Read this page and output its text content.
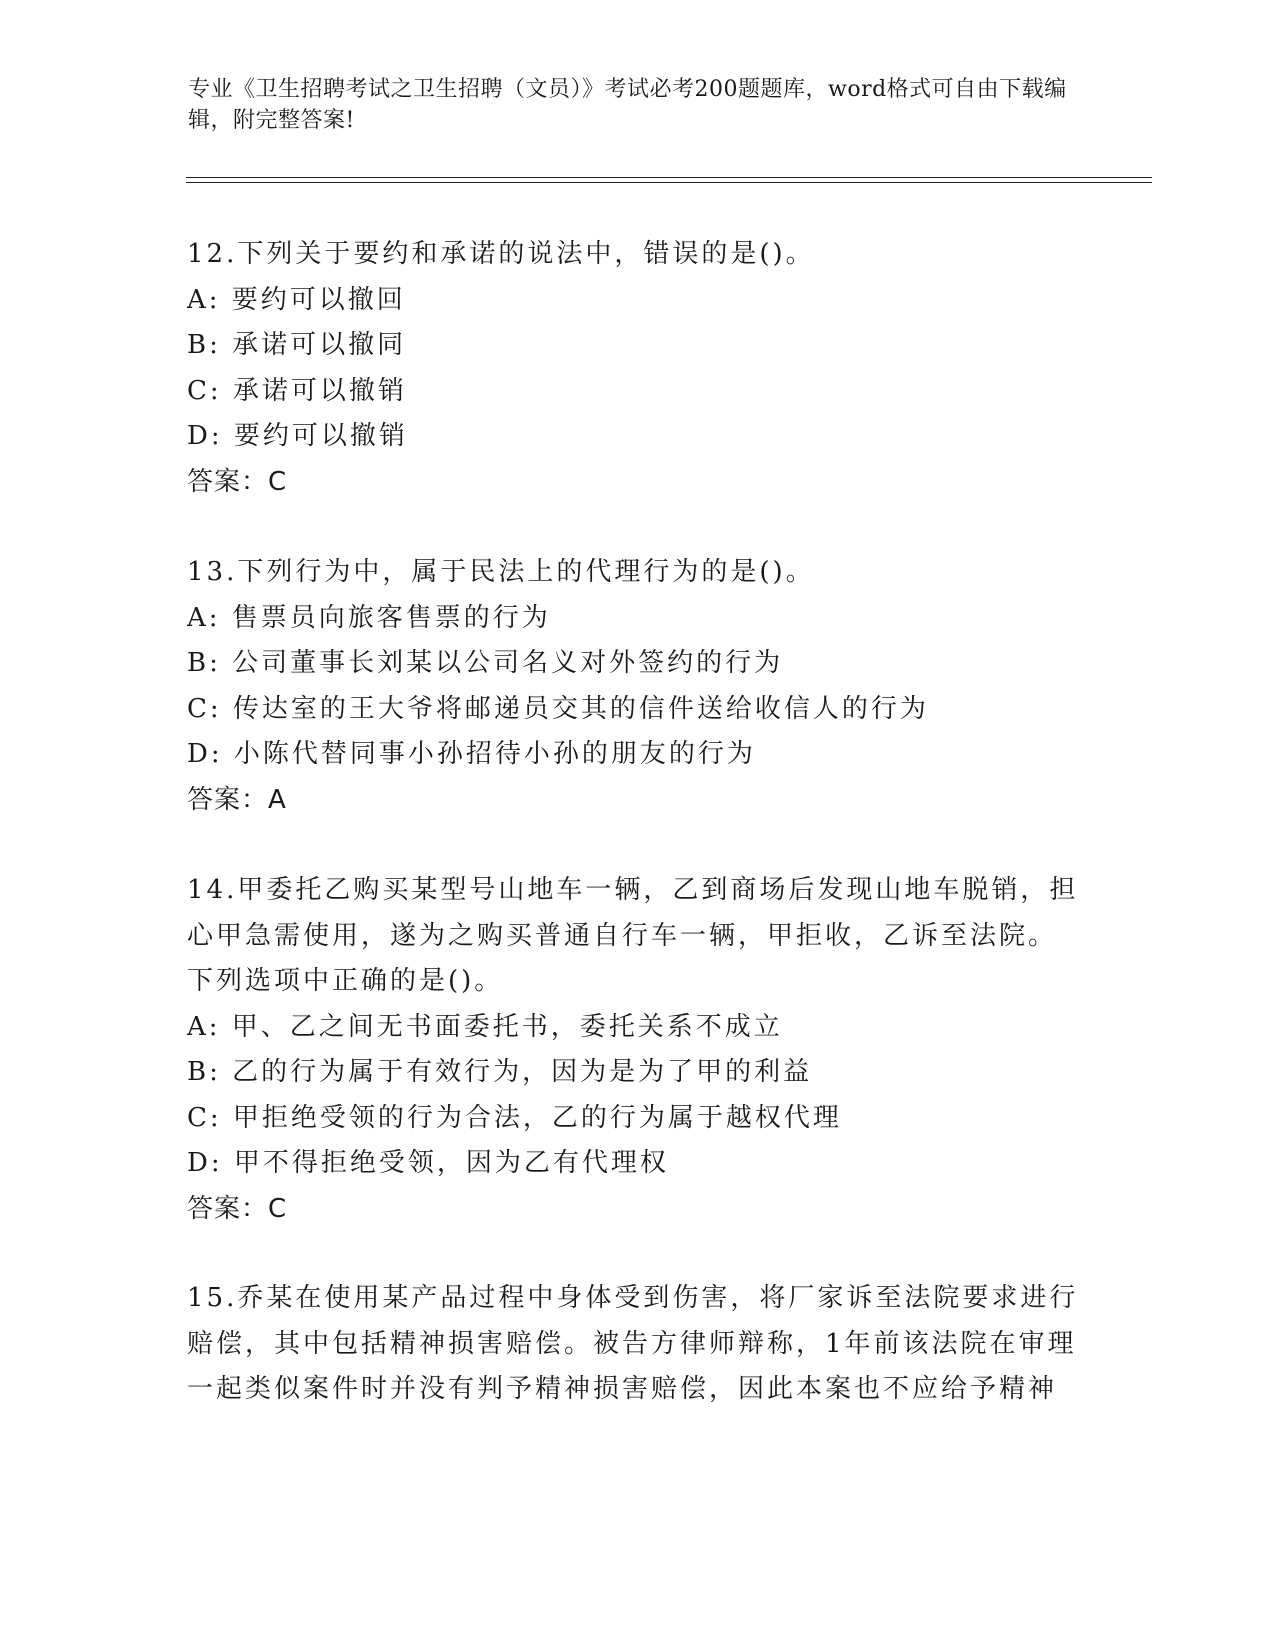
专业《卫生招聘考试之卫生招聘（文员）》考试必考200题题库，word格式可自由下载编辑，附完整答案!

12.下列关于要约和承诺的说法中，错误的是()。

A: 要约可以撤回

B: 承诺可以撤同

C: 承诺可以撤销

D: 要约可以撤销

答案：C

13.下列行为中，属于民法上的代理行为的是()。

A: 售票员向旅客售票的行为

B: 公司董事长刘某以公司名义对外签约的行为

C: 传达室的王大爷将邮递员交其的信件送给收信人的行为

D: 小陈代替同事小孙招待小孙的朋友的行为

答案：A

14.甲委托乙购买某型号山地车一辆，乙到商场后发现山地车脱销，担

心甲急需使用，遂为之购买普通自行车一辆，甲拒收，乙诉至法院。

下列选项中正确的是()。

A: 甲、乙之间无书面委托书，委托关系不成立

B: 乙的行为属于有效行为，因为是为了甲的利益

C: 甲拒绝受领的行为合法，乙的行为属于越权代理

D: 甲不得拒绝受领，因为乙有代理权

答案：C

15.乔某在使用某产品过程中身体受到伤害，将厂家诉至法院要求进行

赔偿，其中包括精神损害赔偿。被告方律师辩称，1年前该法院在审理

一起类似案件时并没有判予精神损害赔偿，因此本案也不应给予精神
